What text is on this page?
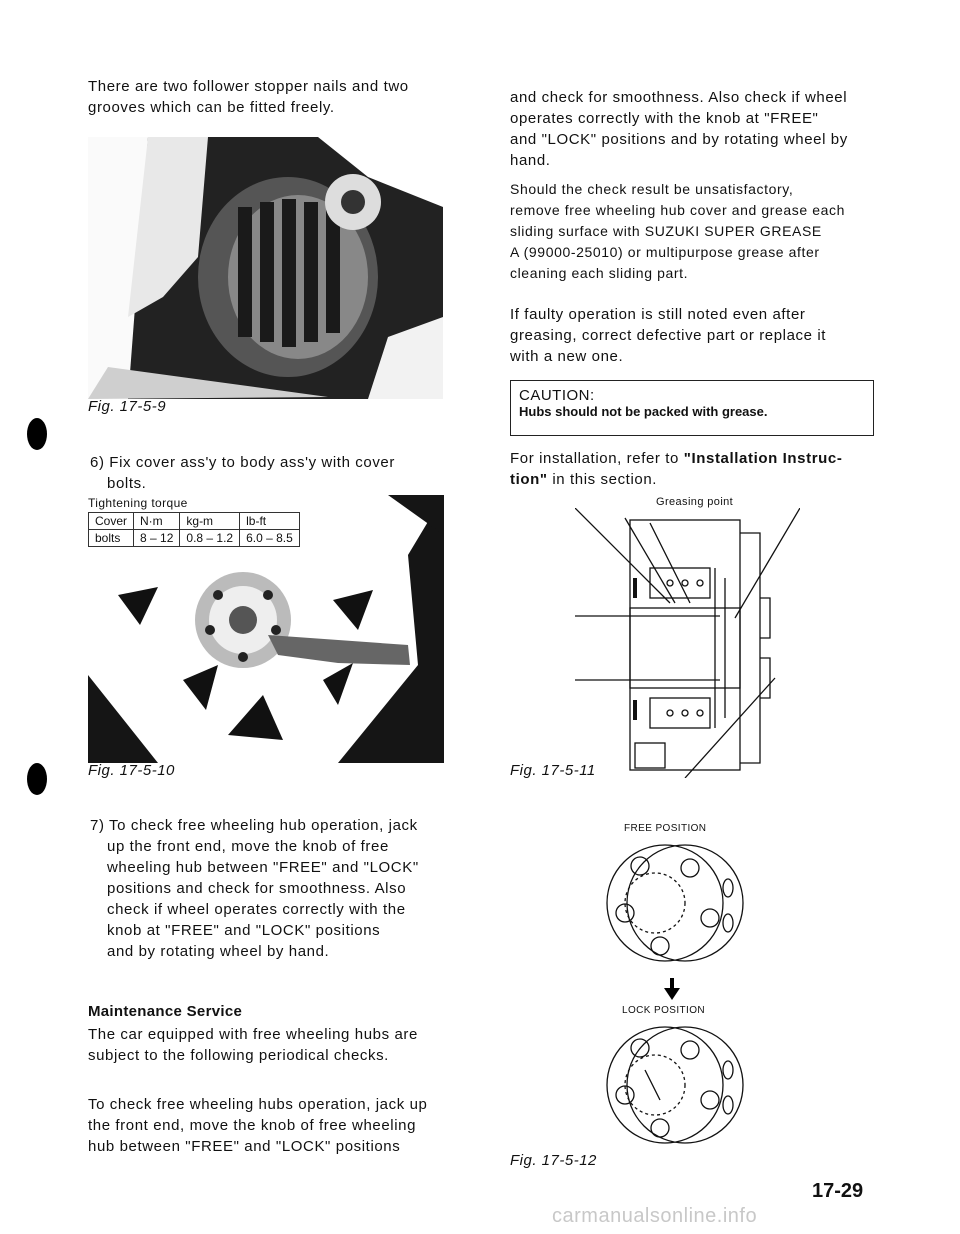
There are two follower stopper nails and two grooves which can be fitted freely.
Fig. 17-5-9
6) Fix cover ass'y to body ass'y with cover
bolts.
Tightening torque
Cover	N·m	kg-m	lb-ft
bolts	8 – 12	0.8 – 1.2	6.0 – 8.5
Fig. 17-5-10
7) To check free wheeling hub operation, jack
up the front end, move the knob of free
wheeling hub between "FREE" and "LOCK"
positions and check for smoothness. Also
check if wheel operates correctly with the
knob at "FREE" and "LOCK" positions
and by rotating wheel by hand.
Maintenance Service
The car equipped with free wheeling hubs are
subject to the following periodical checks.
To check free wheeling hubs operation, jack up
the front end, move the knob of free wheeling
hub between "FREE" and "LOCK" positions
and check for smoothness. Also check if wheel
operates correctly with the knob at "FREE"
and "LOCK" positions and by rotating wheel by
hand.
Should the check result be unsatisfactory,
remove free wheeling hub cover and grease each
sliding surface with SUZUKI SUPER GREASE
A (99000-25010) or multipurpose grease after
cleaning each sliding part.
If faulty operation is still noted even after
greasing, correct defective part or replace it
with a new one.
CAUTION:
Hubs should not be packed with grease.
For installation, refer to "Installation Instruc-
tion" in this section.
Greasing point
Fig. 17-5-11
FREE POSITION
LOCK POSITION
Fig. 17-5-12
17-29
carmanualsonline.info
